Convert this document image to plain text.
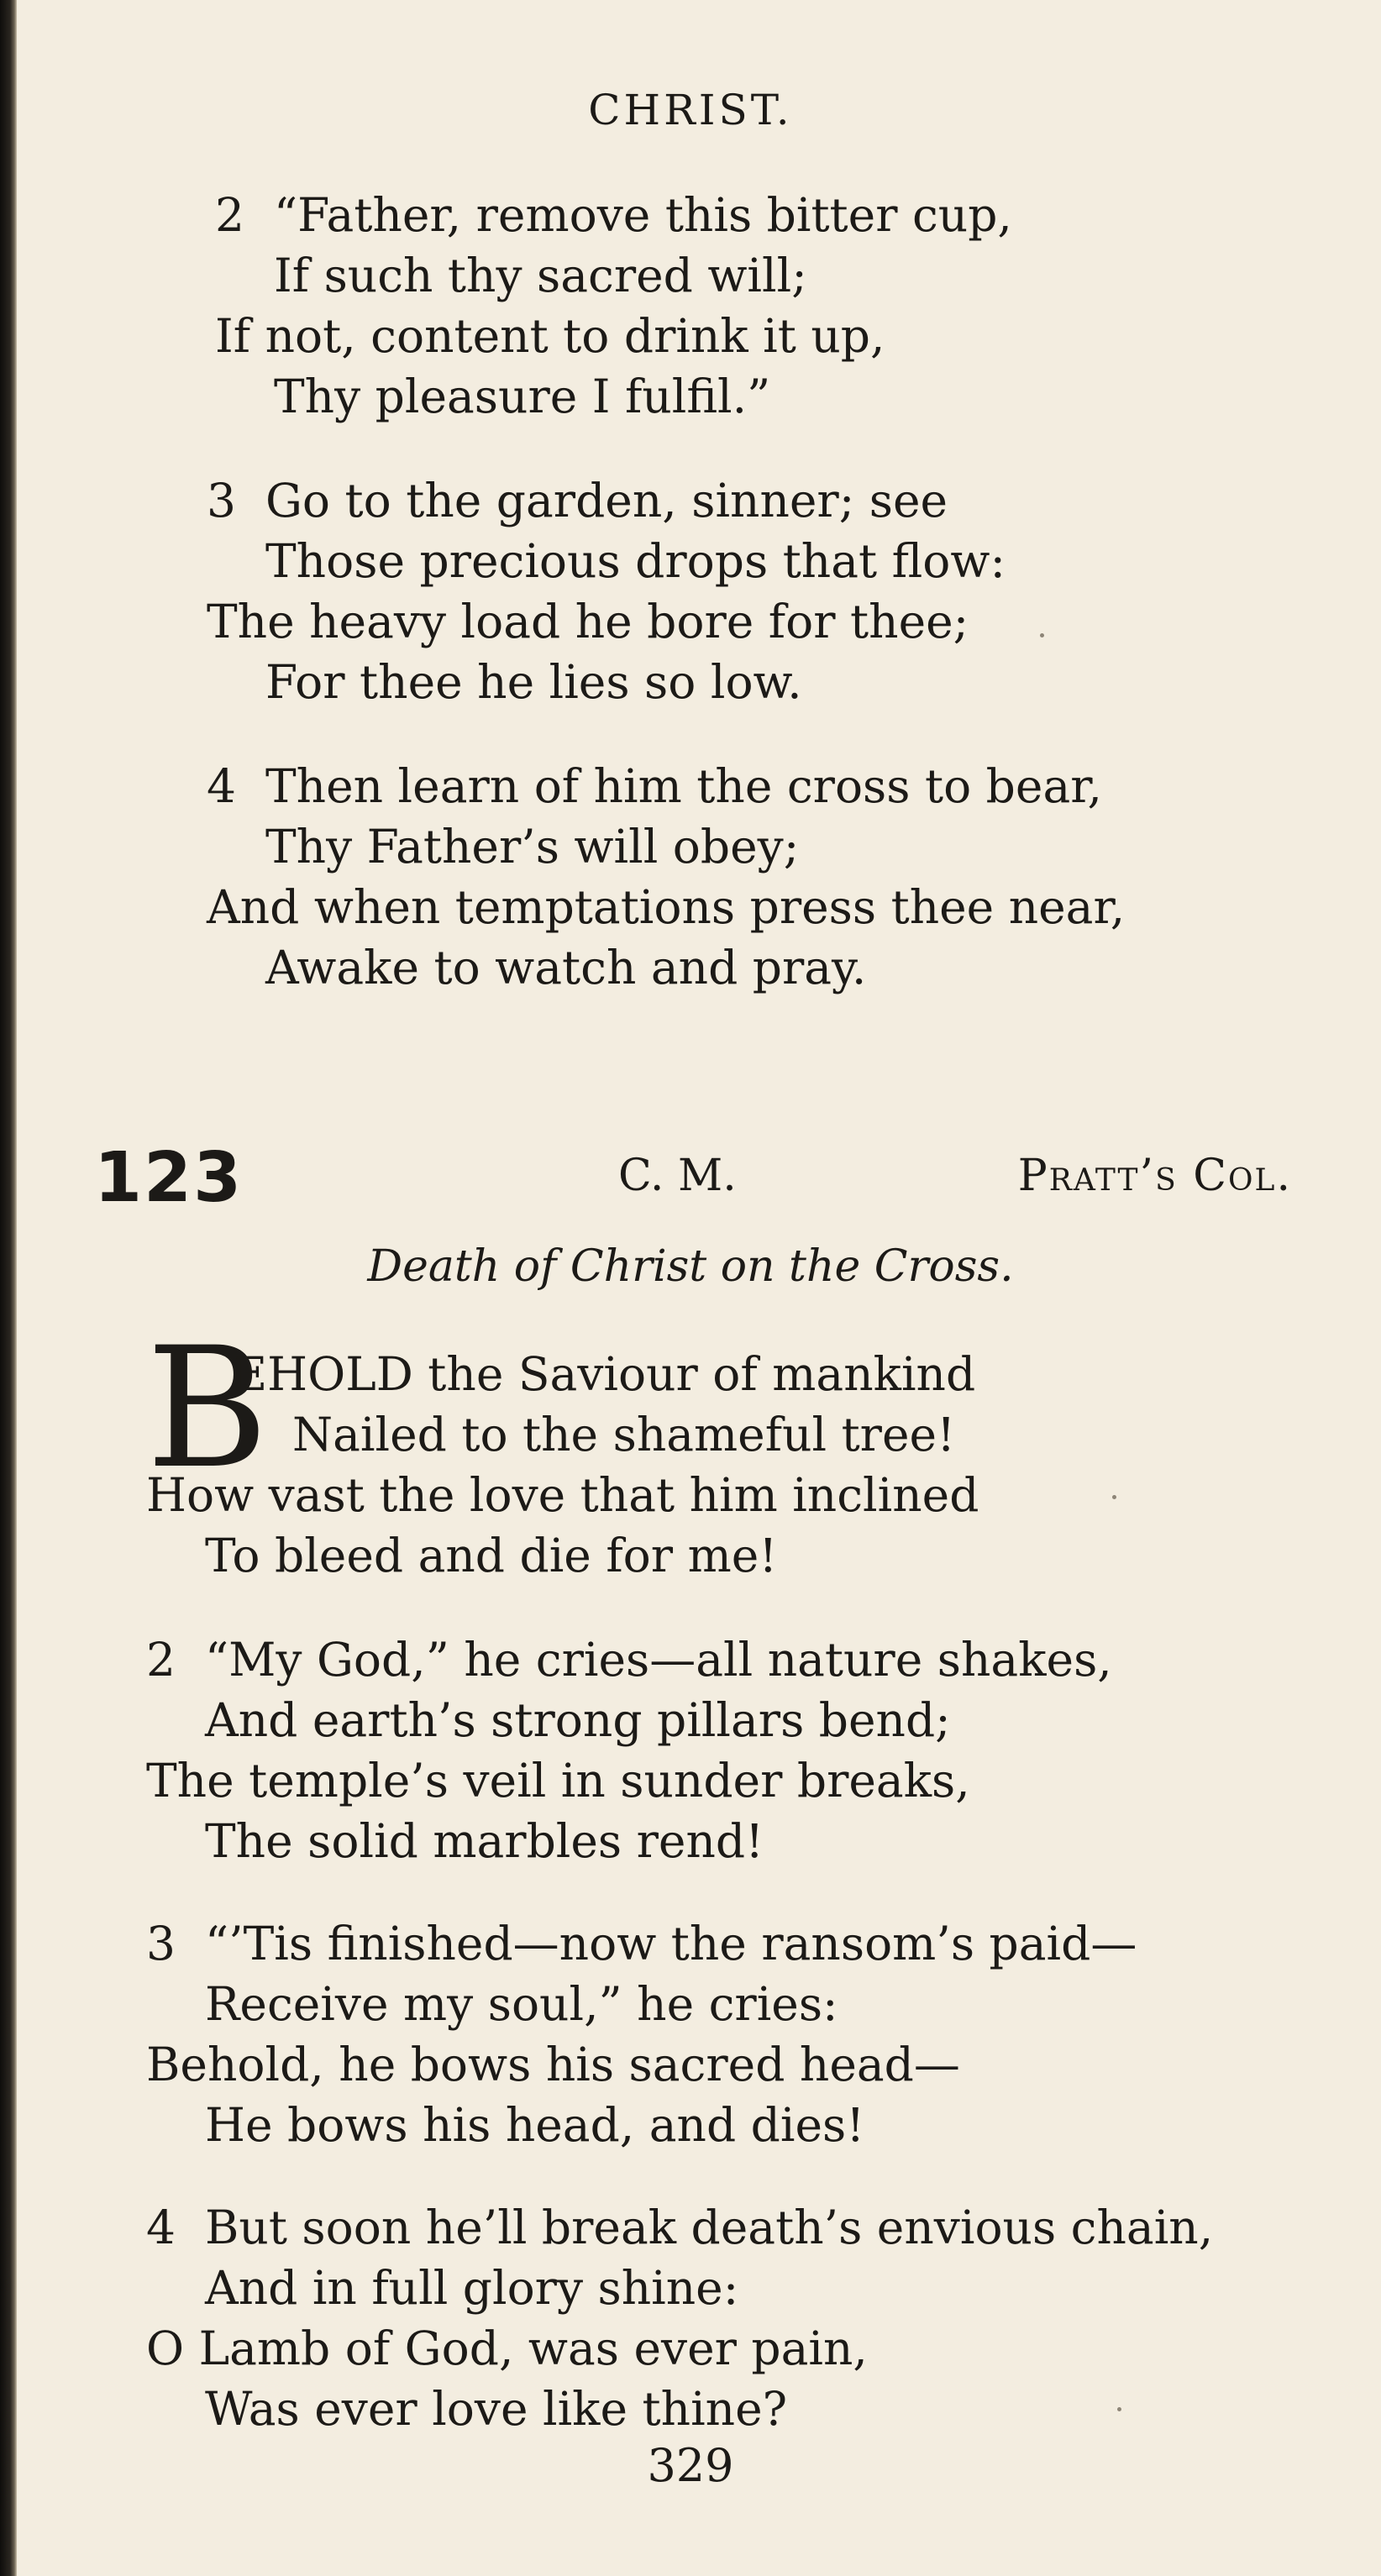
CHRIST.
2 “Father, remove this bitter cup,
If such thy sacred will;
If not, content to drink it up,
Thy pleasure I fulfil.”
3 Go to the garden, sinner; see
Those precious drops that flow:
The heavy load he bore for thee;
For thee he lies so low.
4 Then learn of him the cross to bear,
Thy Father’s will obey;
And when temptations press thee near,
Awake to watch and pray.
123	C. M.	Pratt’s Col.
Death of Christ on the Cross.
B
EHOLD the Saviour of mankind
Nailed to the shameful tree!
How vast the love that him inclined
To bleed and die for me!
2 “My God,” he cries—all nature shakes,
And earth’s strong pillars bend;
The temple’s veil in sunder breaks,
The solid marbles rend!
3 “’Tis finished—now the ransom’s paid—
Receive my soul,” he cries:
Behold, he bows his sacred head—
He bows his head, and dies!
4 But soon he’ll break death’s envious chain,
And in full glory shine:
O Lamb of God, was ever pain,
Was ever love like thine?
329
